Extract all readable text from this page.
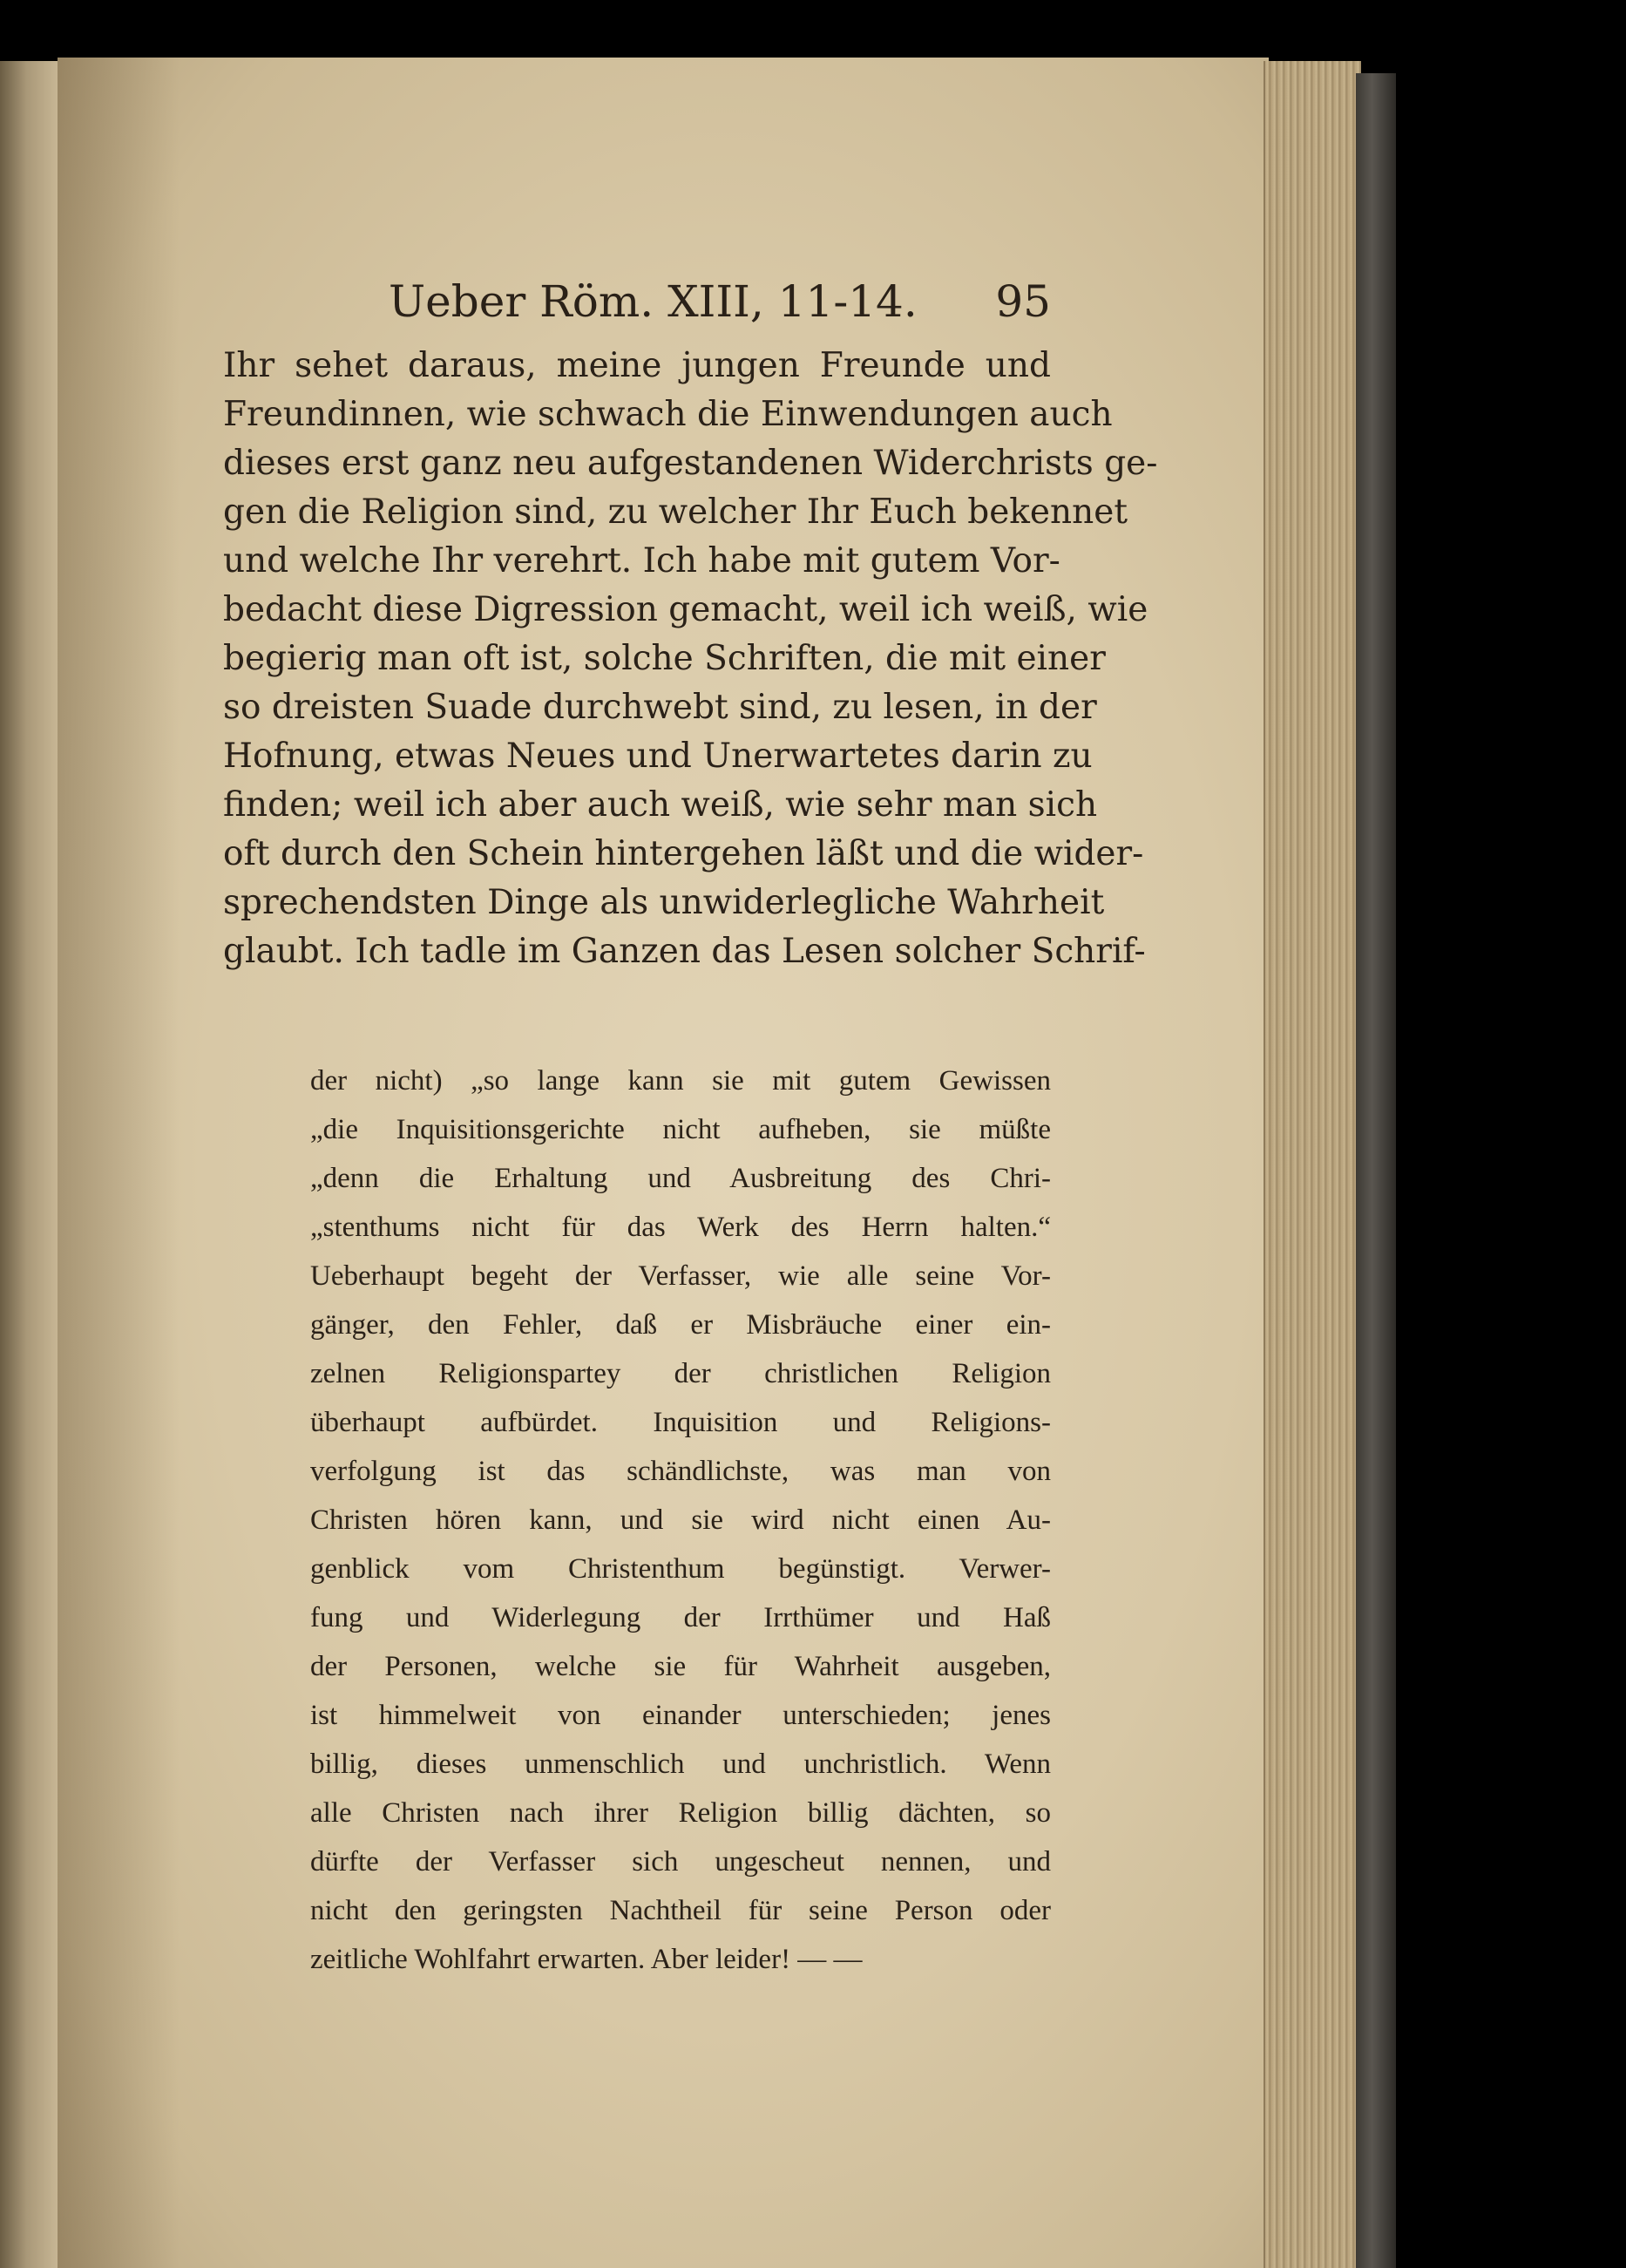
Ueber Röm. XIII, 11-14. 95
Ihr sehet daraus, meine jungen Freunde und
Freundinnen, wie schwach die Einwendungen auch
dieses erst ganz neu aufgestandenen Widerchrists ge-
gen die Religion sind, zu welcher Ihr Euch bekennet
und welche Ihr verehrt. Ich habe mit gutem Vor-
bedacht diese Digression gemacht, weil ich weiß, wie
begierig man oft ist, solche Schriften, die mit einer
so dreisten Suade durchwebt sind, zu lesen, in der
Hofnung, etwas Neues und Unerwartetes darin zu
finden; weil ich aber auch weiß, wie sehr man sich
oft durch den Schein hintergehen läßt und die wider-
sprechendsten Dinge als unwiderlegliche Wahrheit
glaubt. Ich tadle im Ganzen das Lesen solcher Schrif-
der nicht) „so lange kann sie mit gutem Gewissen
„die Inquisitionsgerichte nicht aufheben, sie müßte
„denn die Erhaltung und Ausbreitung des Chri-
„stenthums nicht für das Werk des Herrn halten.“
Ueberhaupt begeht der Verfasser, wie alle seine Vor-
gänger, den Fehler, daß er Misbräuche einer ein-
zelnen Religionspartey der christlichen Religion
überhaupt aufbürdet. Inquisition und Religions-
verfolgung ist das schändlichste, was man von
Christen hören kann, und sie wird nicht einen Au-
genblick vom Christenthum begünstigt. Verwer-
fung und Widerlegung der Irrthümer und Haß
der Personen, welche sie für Wahrheit ausgeben,
ist himmelweit von einander unterschieden; jenes
billig, dieses unmenschlich und unchristlich. Wenn
alle Christen nach ihrer Religion billig dächten, so
dürfte der Verfasser sich ungescheut nennen, und
nicht den geringsten Nachtheil für seine Person oder
zeitliche Wohlfahrt erwarten. Aber leider! — —
